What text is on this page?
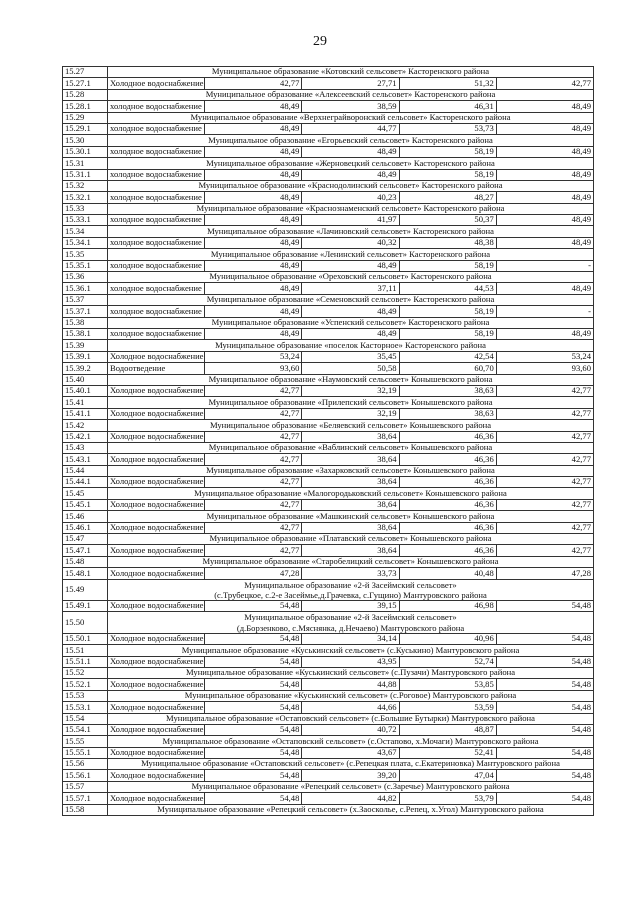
29
15.27	Муниципальное образование «Котовский сельсовет» Касторенского района				
15.27.1	Холодное водоснабжение	42,77	27,71	51,32	42,77
15.28	Муниципальное образование «Алексеевский сельсовет» Касторенского района				
15.28.1	холодное водоснабжение	48,49	38,59	46,31	48,49
15.29	Муниципальное образование «Верхнеграйворонский сельсовет» Касторенского района				
15.29.1	холодное водоснабжение	48,49	44,77	53,73	48,49
15.30	Муниципальное образование «Егорьевский сельсовет» Касторенского района				
15.30.1	холодное водоснабжение	48,49	48,49	58,19	48,49
15.31	Муниципальное образование «Жерновецкий сельсовет» Касторенского района				
15.31.1	холодное водоснабжение	48,49	48,49	58,19	48,49
15.32	Муниципальное образование «Краснодолинский сельсовет» Касторенского района				
15.32.1	холодное водоснабжение	48,49	40,23	48,27	48,49
15.33	Муниципальное образование «Краснознаменский сельсовет» Касторенского района				
15.33.1	холодное водоснабжение	48,49	41,97	50,37	48,49
15.34	Муниципальное образование «Лачиновский сельсовет» Касторенского района				
15.34.1	холодное водоснабжение	48,49	40,32	48,38	48,49
15.35	Муниципальное образование «Ленинский сельсовет» Касторенского района				
15.35.1	холодное водоснабжение	48,49	48,49	58,19	-
15.36	Муниципальное образование «Ореховский сельсовет» Касторенского района				
15.36.1	холодное водоснабжение	48,49	37,11	44,53	48,49
15.37	Муниципальное образование «Семеновский сельсовет» Касторенского района				
15.37.1	холодное водоснабжение	48,49	48,49	58,19	-
15.38	Муниципальное образование «Успенский сельсовет» Касторенского района				
15.38.1	холодное водоснабжение	48,49	48,49	58,19	48,49
15.39	Муниципальное образование «поселок Касторное» Касторенского района				
15.39.1	Холодное водоснабжение	53,24	35,45	42,54	53,24
15.39.2	Водоотведение	93,60	50,58	60,70	93,60
15.40	Муниципальное образование «Наумовский сельсовет» Конышевского района				
15.40.1	Холодное водоснабжение	42,77	32,19	38,63	42,77
15.41	Муниципальное образование «Прилепский сельсовет» Конышевского района				
15.41.1	Холодное водоснабжение	42,77	32,19	38,63	42,77
15.42	Муниципальное образование «Беляевский сельсовет» Конышевского района				
15.42.1	Холодное водоснабжение	42,77	38,64	46,36	42,77
15.43	Муниципальное образование «Ваблинский сельсовет» Конышевского района				
15.43.1	Холодное водоснабжение	42,77	38,64	46,36	42,77
15.44	Муниципальное образование «Захарковский сельсовет» Конышевского района				
15.44.1	Холодное водоснабжение	42,77	38,64	46,36	42,77
15.45	Муниципальное образование «Малогородьковский сельсовет» Конышевского района				
15.45.1	Холодное водоснабжение	42,77	38,64	46,36	42,77
15.46	Муниципальное образование «Машкинский сельсовет» Конышевского района				
15.46.1	Холодное водоснабжение	42,77	38,64	46,36	42,77
15.47	Муниципальное образование «Платавский сельсовет» Конышевского района				
15.47.1	Холодное водоснабжение	42,77	38,64	46,36	42,77
15.48	Муниципальное образование «Старобелицкий сельсовет» Конышевского района				
15.48.1	Холодное водоснабжение	47,28	33,73	40,48	47,28
15.49	Муниципальное образование «2-й Засеймский сельсовет»
(с.Трубецкое, с.2-е Засеймье,д.Грачевка, с.Гущино) Мантуровского района				

15.49.1	Холодное водоснабжение	54,48	39,15	46,98	54,48
15.50	Муниципальное образование «2-й Засеймский сельсовет»
(д.Борзенково, с.Мяснянка, д.Нечаево) Мантуровского района				

15.50.1	Холодное водоснабжение	54,48	34,14	40,96	54,48
15.51	Муниципальное образование «Куськинский сельсовет» (с.Куськино) Мантуровского района				
15.51.1	Холодное водоснабжение	54,48	43,95	52,74	54,48
15.52	Муниципальное образование «Куськинский сельсовет» (с.Пузачи) Мантуровского района				
15.52.1	Холодное водоснабжение	54,48	44,88	53,85	54,48
15.53	Муниципальное образование «Куськинский сельсовет» (с.Роговое) Мантуровского района				
15.53.1	Холодное водоснабжение	54,48	44,66	53,59	54,48
15.54	Муниципальное образование «Остаповский сельсовет» (с.Большие Бутырки) Мантуровского района				
15.54.1	Холодное водоснабжение	54,48	40,72	48,87	54,48
15.55	Муниципальное образование «Остаповский сельсовет» (с.Остапово, х.Мочаги) Мантуровского района				
15.55.1	Холодное водоснабжение	54,48	43,67	52,41	54,48
15.56	Муниципальное образование «Остаповский сельсовет» (с.Репецкая плата, с.Екатериновка) Мантуровского района				
15.56.1	Холодное водоснабжение	54,48	39,20	47,04	54,48
15.57	Муниципальное образование «Репецкий сельсовет» (с.Заречье) Мантуровского района				
15.57.1	Холодное водоснабжение	54,48	44,82	53,79	54,48
15.58	Муниципальное образование «Репецкий сельсовет» (х.Заоскольe, с.Репец, х.Угол) Мантуровского района				
